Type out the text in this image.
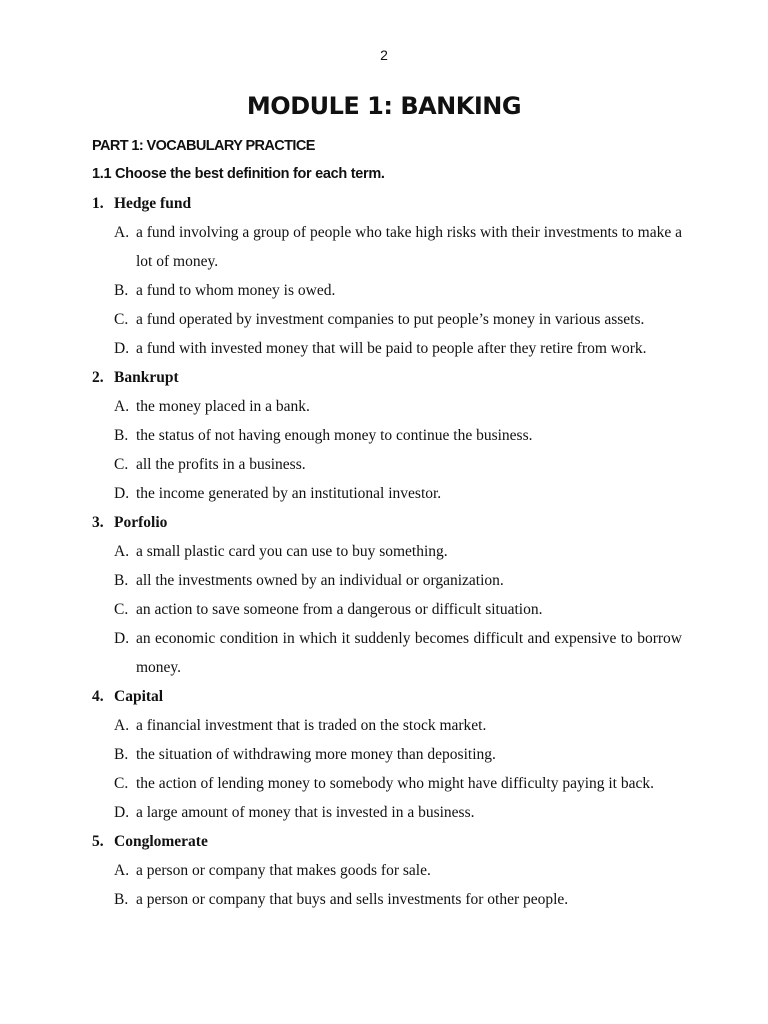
2
MODULE 1: BANKING
PART 1: VOCABULARY PRACTICE

1.1 Choose the best definition for each term.

1. Hedge fund
A. a fund involving a group of people who take high risks with their investments to make a lot of money.
B. a fund to whom money is owed.
C. a fund operated by investment companies to put people’s money in various assets.
D. a fund with invested money that will be paid to people after they retire from work.
2. Bankrupt
A. the money placed in a bank.
B. the status of not having enough money to continue the business.
C. all the profits in a business.
D. the income generated by an institutional investor.
3. Porfolio
A. a small plastic card you can use to buy something.
B. all the investments owned by an individual or organization.
C. an action to save someone from a dangerous or difficult situation.
D. an economic condition in which it suddenly becomes difficult and expensive to borrow money.
4. Capital
A. a financial investment that is traded on the stock market.
B. the situation of withdrawing more money than depositing.
C. the action of lending money to somebody who might have difficulty paying it back.
D. a large amount of money that is invested in a business.
5. Conglomerate
A. a person or company that makes goods for sale.
B. a person or company that buys and sells investments for other people.
